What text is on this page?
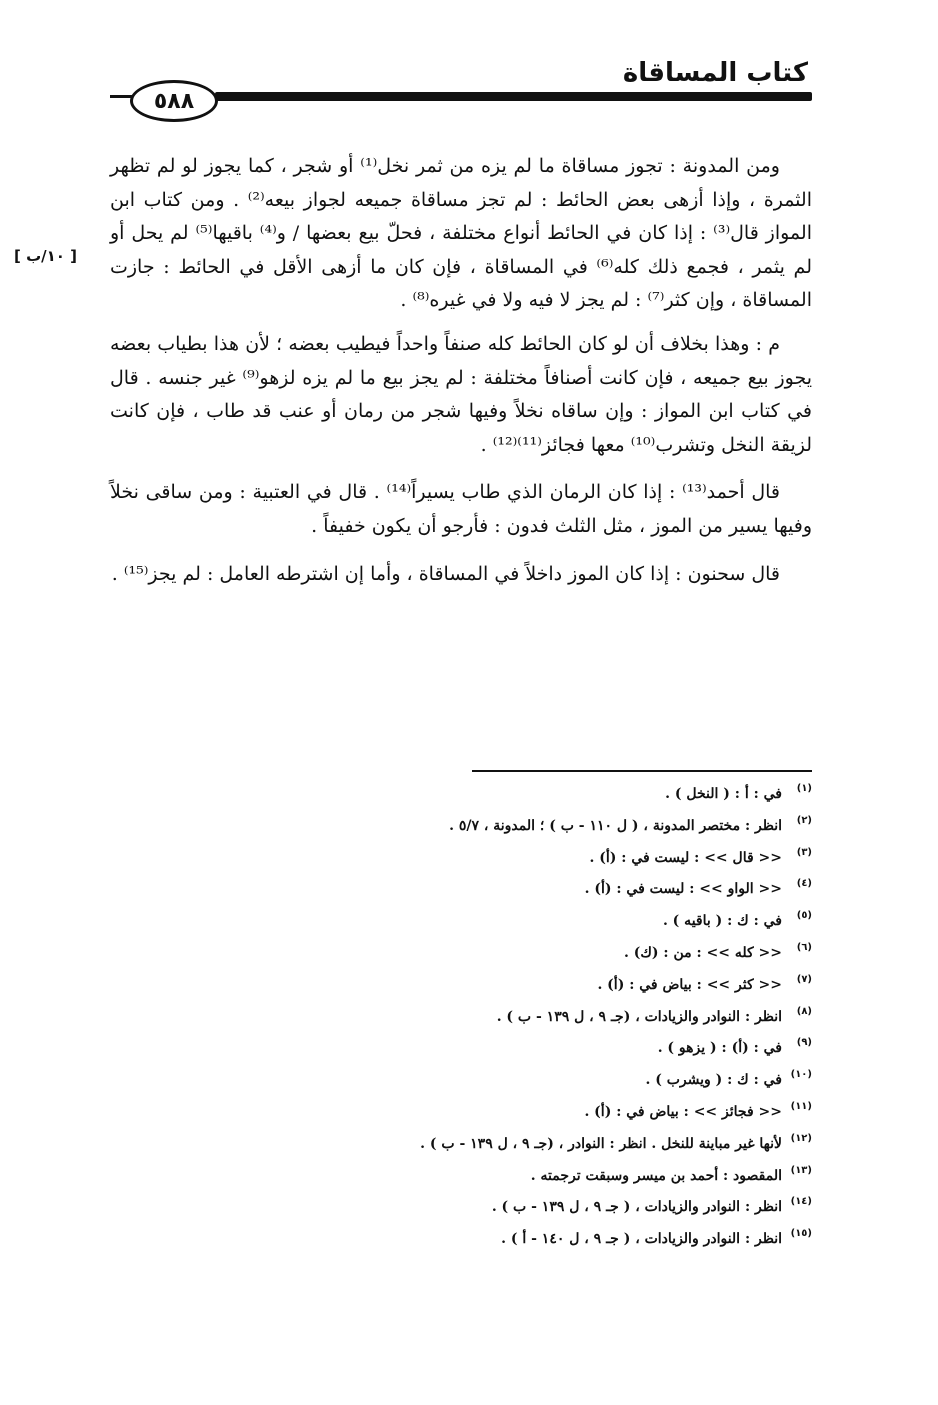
كتاب المساقاة
٥٨٨
[ ١٠/ب ]

ومن المدونة : تجوز مساقاة ما لم يزه من ثمر نخل⁽¹⁾ أو شجر ، كما يجوز لو لم تظهر الثمرة ، وإذا أزهى بعض الحائط : لم تجز مساقاة جميعه لجواز بيعه⁽²⁾ . ومن كتاب ابن المواز قال⁽³⁾ : إذا كان في الحائط أنواع مختلفة ، فحلّ بيع بعضها / و⁽⁴⁾ باقيها⁽⁵⁾ لم يحل أو لم يثمر ، فجمع ذلك كله⁽⁶⁾ في المساقاة ، فإن كان ما أزهى الأقل في الحائط : جازت المساقاة ، وإن كثر⁽⁷⁾ : لم يجز لا فيه ولا في غيره⁽⁸⁾ .

م : وهذا بخلاف أن لو كان الحائط كله صنفاً واحداً فيطيب بعضه ؛ لأن هذا بطياب بعضه يجوز بيع جميعه ، فإن كانت أصنافاً مختلفة : لم يجز بيع ما لم يزه لزهو⁽⁹⁾ غير جنسه . قال في كتاب ابن المواز : وإن ساقاه نخلاً وفيها شجر من رمان أو عنب قد طاب ، فإن كانت لزيقة النخل وتشرب⁽¹⁰⁾ معها فجائز⁽¹¹⁾⁽¹²⁾ .

قال أحمد⁽¹³⁾ : إذا كان الرمان الذي طاب يسيراً⁽¹⁴⁾ . قال في العتبية : ومن ساقى نخلاً وفيها يسير من الموز ، مثل الثلث فدون : فأرجو أن يكون خفيفاً .

قال سحنون : إذا كان الموز داخلاً في المساقاة ، وأما إن اشترطه العامل : لم يجز⁽¹⁵⁾ .

(١)
في : أ : ( النخل ) .
(٢)
انظر : مختصر المدونة ، ( ل ١١٠ - ب ) ؛ المدونة ، ٥/٧ .
(٣)
<< قال >> : ليست في : (أ) .
(٤)
<< الواو >> : ليست في : (أ) .
(٥)
في : ك : ( باقيه ) .
(٦)
<< كله >> : من : (ك) .
(٧)
<< كثر >> : بياض في : (أ) .
(٨)
انظر : النوادر والزيادات ، (جـ ٩ ، ل ١٣٩ - ب ) .
(٩)
في : (أ) : ( يزهو ) .
(١٠)
في : ك : ( ويشرب ) .
(١١)
<< فجائز >> : بياض في : (أ) .
(١٢)
لأنها غير مباينة للنخل . انظر : النوادر ، (جـ ٩ ، ل ١٣٩ - ب ) .
(١٣)
المقصود : أحمد بن ميسر وسبقت ترجمته .
(١٤)
انظر : النوادر والزيادات ، ( جـ ٩ ، ل ١٣٩ - ب ) .
(١٥)
انظر : النوادر والزيادات ، ( جـ ٩ ، ل ١٤٠ - أ ) .
